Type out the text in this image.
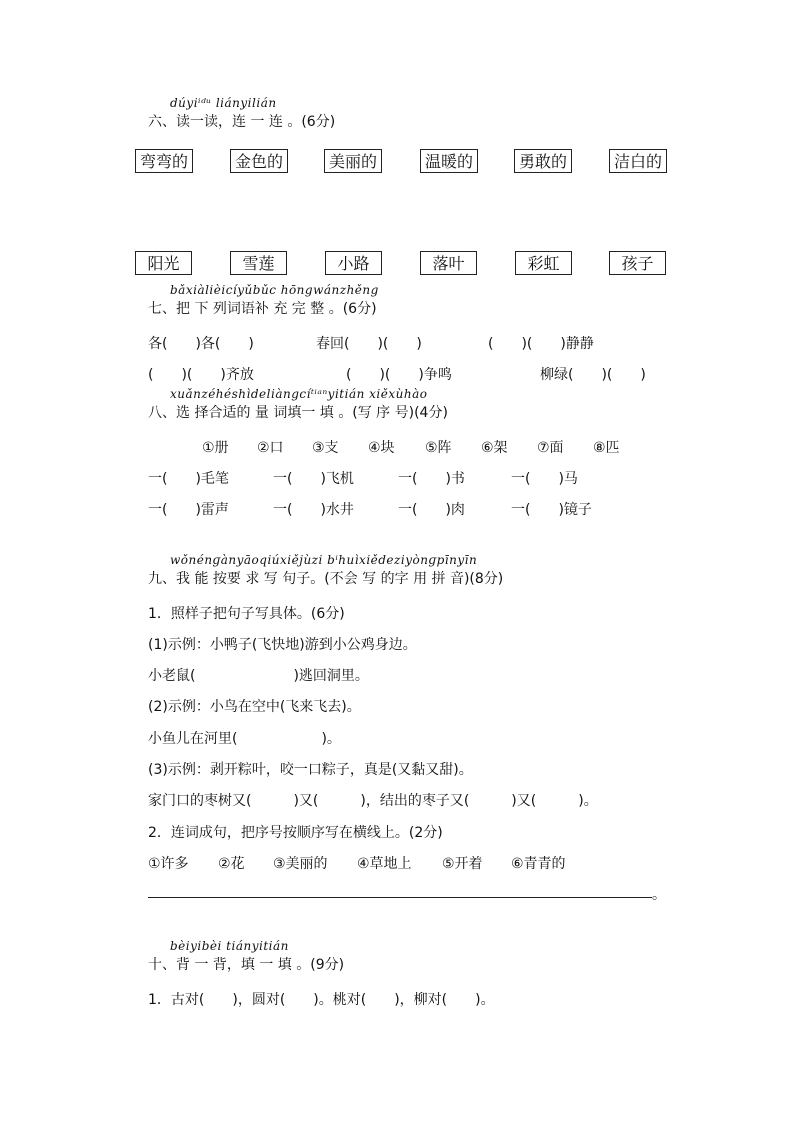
dúyiⁱᵈᵘ liányilián
六、读一读，连 一 连 。(6分)
弯弯的	金色的	美丽的	温暖的	勇敢的	洁白的
阳光	雪莲	小路	落叶	彩虹	孩子
bǎxiàlièicíyǔbǔc hōngwánzhěng
七、把 下 列词语补 充 完 整 。(6分)
各(　　)各(　　)	春回(　　)(　　)	(　　)(　　)静静
(　　)(　　)齐放	(　　)(　　)争鸣	柳绿(　　)(　　)
xuǎnzéhéshìdeliàngcíᵗⁱᵃⁿyitián xiěxùhào
八、选 择合适的 量 词填一 填 。(写 序 号)(4分)
①册 ②口 ③支 ④块 ⑤阵 ⑥架 ⑦面 ⑧匹
一(　　)毛笔	一(　　)飞机	一(　　)书	一(　　)马
一(　　)雷声	一(　　)水井	一(　　)肉	一(　　)镜子
wǒnénɡànyāoqiúxiějùzi bⁱhuìxiědeziyònɡpīnyīn
九、我 能 按要 求 写 句子。(不会 写 的字 用 拼 音)(8分)
1．照样子把句子写具体。(6分)
(1)示例：小鸭子(飞快地)游到小公鸡身边。
小老鼠(　　　　　　　)逃回洞里。
(2)示例：小鸟在空中(飞来飞去)。
小鱼儿在河里(　　　　　　)。
(3)示例：剥开粽叶，咬一口粽子，真是(又黏又甜)。
家门口的枣树又(　　　)又(　　　)，结出的枣子又(　　　)又(　　　)。
2．连词成句，把序号按顺序写在横线上。(2分)
①许多 ②花 ③美丽的 ④草地上 ⑤开着 ⑥青青的
。
bèiyibèi tiányitián
十、背 一 背，填 一 填 。(9分)
1．古对(　　)，圆对(　　)。桃对(　　)，柳对(　　)。
